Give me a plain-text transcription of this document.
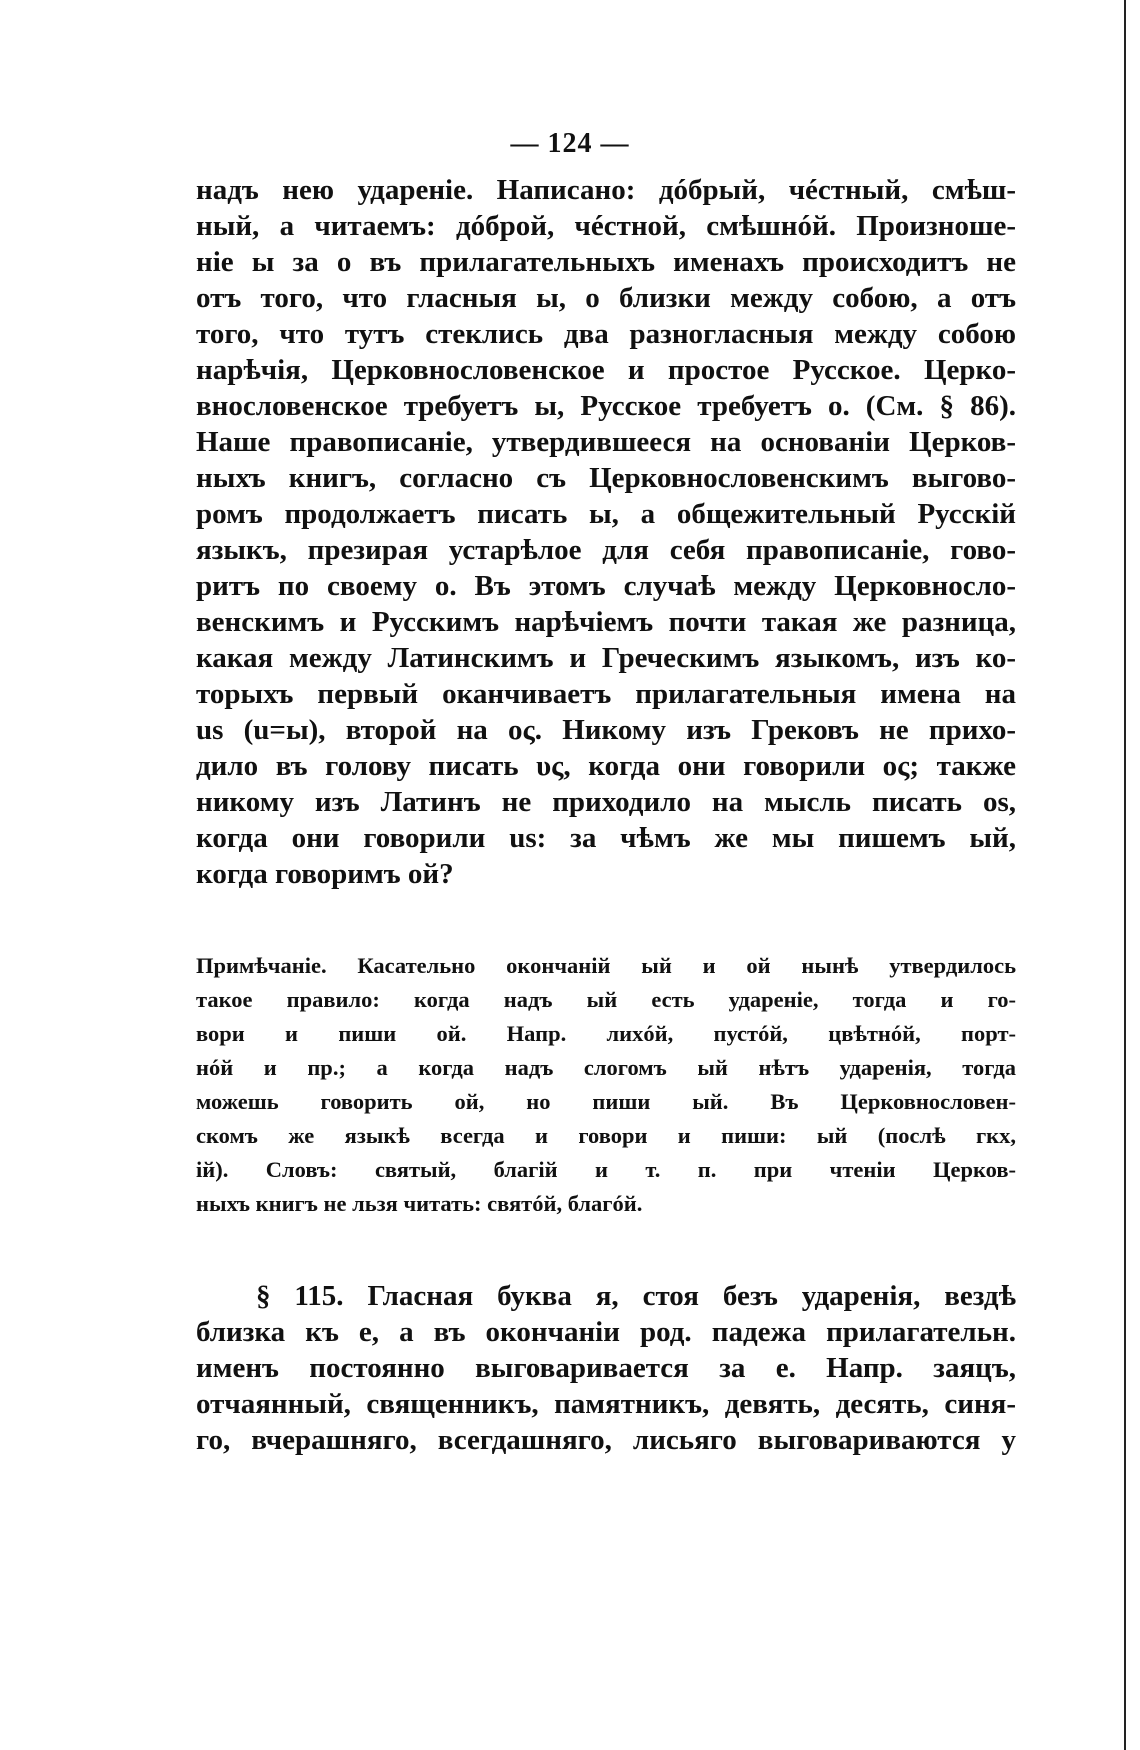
— 124 —
надъ нею удареніе. Написано: дóбрый, чéстный, смѣш-
ный, а читаемъ: дóброй, чéстной, смѣшнóй. Произноше-
ніе ы за о въ прилагательныхъ именахъ происходитъ не
отъ того, что гласныя ы, о близки между собою, а отъ
того, что тутъ стеклись два разногласныя между собою
нарѣчія, Церковнословенское и простое Русское. Церко-
внословенское требуетъ ы, Русское требуетъ о. (См. § 86).
Наше правописаніе, утвердившееся на основаніи Церков-
ныхъ книгъ, согласно съ Церковнословенскимъ выгово-
ромъ продолжаетъ писать ы, а общежительный Русскій
языкъ, презирая устарѣлое для себя правописаніе, гово-
ритъ по своему о. Въ этомъ случаѣ между Церковносло-
венскимъ и Русскимъ нарѣчіемъ почти такая же разница,
какая между Латинскимъ и Греческимъ языкомъ, изъ ко-
торыхъ первый оканчиваетъ прилагательныя имена на
us (u=ы), второй на ος. Никому изъ Грековъ не прихо-
дило въ голову писать υς, когда они говорили ος; также
никому изъ Латинъ не приходило на мысль писать os,
когда они говорили us: за чѣмъ же мы пишемъ ый,
когда говоримъ ой?
Примѣчаніе. Касательно окончаній ый и ой нынѣ утвердилось
такое правило: когда надъ ый есть удареніе, тогда и го-
вори и пиши ой. Напр. лихóй, пустóй, цвѣтнóй, порт-
нóй и пр.; а когда надъ слогомъ ый нѣтъ ударенія, тогда
можешь говорить ой, но пиши ый. Въ Церковнословен-
скомъ же языкѣ всегда и говори и пиши: ый (послѣ гкх,
ій). Словъ: святый, благій и т. п. при чтеніи Церков-
ныхъ книгъ не льзя читать: святóй, благóй.
§ 115. Гласная буква я, стоя безъ ударенія, вездѣ
близка къ е, а въ окончаніи род. падежа прилагательн.
именъ постоянно выговаривается за е. Напр. заяцъ,
отчаянный, священникъ, памятникъ, девять, десять, синя-
го, вчерашняго, всегдашняго, лисьяго выговариваются у
